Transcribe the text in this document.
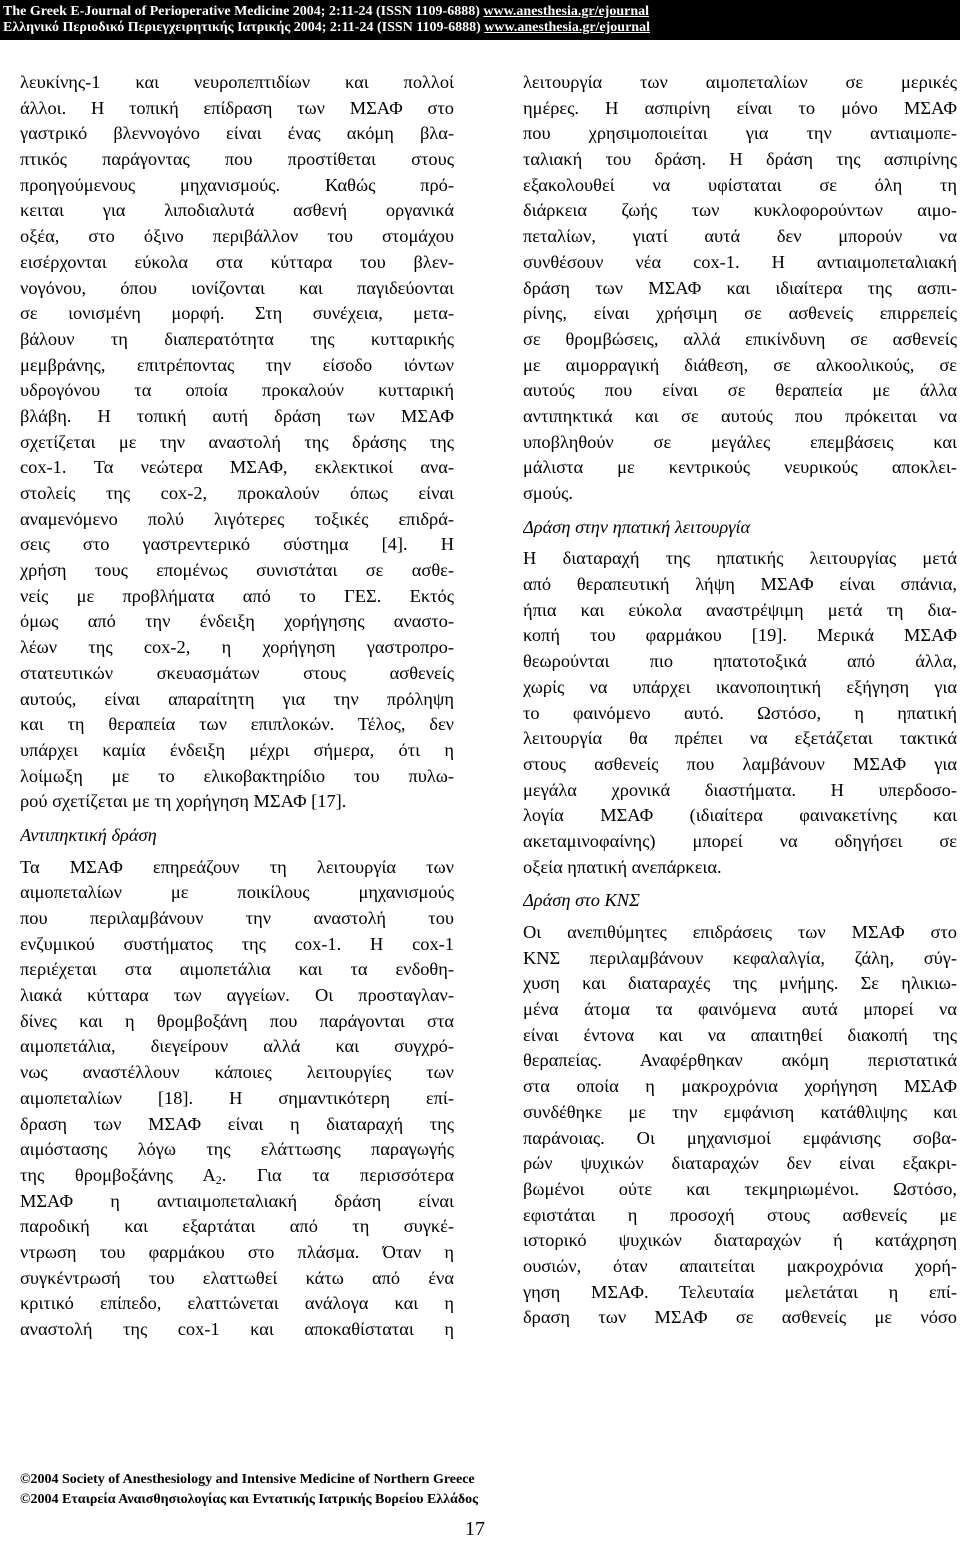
The Greek E-Journal of Perioperative Medicine 2004; 2:11-24 (ISSN 1109-6888) www.anesthesia.gr/ejournal
Ελληνικό Περιοδικό Περιεγχειρητικής Ιατρικής 2004; 2:11-24 (ISSN 1109-6888) www.anesthesia.gr/ejournal
λευκίνης-1 και νευροπεπτιδίων και πολλοί
άλλοι. Η τοπική επίδραση των ΜΣΑΦ στο
γαστρικό βλεννογόνο είναι ένας ακόμη βλα-
πτικός παράγοντας που προστίθεται στους
προηγούμενους μηχανισμούς. Καθώς πρό-
κειται για λιποδιαλυτά ασθενή οργανικά
οξέα, στο όξινο περιβάλλον του στομάχου
εισέρχονται εύκολα στα κύτταρα του βλεν-
νογόνου, όπου ιονίζονται και παγιδεύονται
σε ιονισμένη μορφή. Στη συνέχεια, μετα-
βάλουν τη διαπερατότητα της κυτταρικής
μεμβράνης, επιτρέποντας την είσοδο ιόντων
υδρογόνου τα οποία προκαλούν κυτταρική
βλάβη. Η τοπική αυτή δράση των ΜΣΑΦ
σχετίζεται με την αναστολή της δράσης της
cox-1. Τα νεώτερα ΜΣΑΦ, εκλεκτικοί ανα-
στολείς της cox-2, προκαλούν όπως είναι
αναμενόμενο πολύ λιγότερες τοξικές επιδρά-
σεις στο γαστρεντερικό σύστημα [4]. Η
χρήση τους επομένως συνιστάται σε ασθε-
νείς με προβλήματα από το ΓΕΣ. Εκτός
όμως από την ένδειξη χορήγησης αναστο-
λέων της cox-2, η χορήγηση γαστροπρο-
στατευτικών σκευασμάτων στους ασθενείς
αυτούς, είναι απαραίτητη για την πρόληψη
και τη θεραπεία των επιπλοκών. Τέλος, δεν
υπάρχει καμία ένδειξη μέχρι σήμερα, ότι η
λοίμωξη με το ελικοβακτηρίδιο του πυλω-
ρού σχετίζεται με τη χορήγηση ΜΣΑΦ [17].
Αντιπηκτική δράση
Τα ΜΣΑΦ επηρεάζουν τη λειτουργία των
αιμοπεταλίων με ποικίλους μηχανισμούς
που περιλαμβάνουν την αναστολή του
ενζυμικού συστήματος της cox-1. Η cox-1
περιέχεται στα αιμοπετάλια και τα ενδοθη-
λιακά κύτταρα των αγγείων. Οι προσταγλαν-
δίνες και η θρομβοξάνη που παράγονται στα
αιμοπετάλια, διεγείρουν αλλά και συγχρό-
νως αναστέλλουν κάποιες λειτουργίες των
αιμοπεταλίων [18]. Η σημαντικότερη επί-
δραση των ΜΣΑΦ είναι η διαταραχή της
αιμόστασης λόγω της ελάττωσης παραγωγής
της θρομβοξάνης Α2. Για τα περισσότερα
ΜΣΑΦ η αντιαιμοπεταλιακή δράση είναι
παροδική και εξαρτάται από τη συγκέ-
ντρωση του φαρμάκου στο πλάσμα. Όταν η
συγκέντρωσή του ελαττωθεί κάτω από ένα
κριτικό επίπεδο, ελαττώνεται ανάλογα και η
αναστολή της cox-1 και αποκαθίσταται η
λειτουργία των αιμοπεταλίων σε μερικές
ημέρες. Η ασπιρίνη είναι το μόνο ΜΣΑΦ
που χρησιμοποιείται για την αντιαιμοπε-
ταλιακή του δράση. Η δράση της ασπιρίνης
εξακολουθεί να υφίσταται σε όλη τη
διάρκεια ζωής των κυκλοφορούντων αιμο-
πεταλίων, γιατί αυτά δεν μπορούν να
συνθέσουν νέα cox-1. Η αντιαιμοπεταλιακή
δράση των ΜΣΑΦ και ιδιαίτερα της ασπι-
ρίνης, είναι χρήσιμη σε ασθενείς επιρρεπείς
σε θρομβώσεις, αλλά επικίνδυνη σε ασθενείς
με αιμορραγική διάθεση, σε αλκοολικούς, σε
αυτούς που είναι σε θεραπεία με άλλα
αντιπηκτικά και σε αυτούς που πρόκειται να
υποβληθούν σε μεγάλες επεμβάσεις και
μάλιστα με κεντρικούς νευρικούς αποκλει-
σμούς.
Δράση στην ηπατική λειτουργία
Η διαταραχή της ηπατικής λειτουργίας μετά
από θεραπευτική λήψη ΜΣΑΦ είναι σπάνια,
ήπια και εύκολα αναστρέψιμη μετά τη δια-
κοπή του φαρμάκου [19]. Μερικά ΜΣΑΦ
θεωρούνται πιο ηπατοτοξικά από άλλα,
χωρίς να υπάρχει ικανοποιητική εξήγηση για
το φαινόμενο αυτό. Ωστόσο, η ηπατική
λειτουργία θα πρέπει να εξετάζεται τακτικά
στους ασθενείς που λαμβάνουν ΜΣΑΦ για
μεγάλα χρονικά διαστήματα. Η υπερδοσο-
λογία ΜΣΑΦ (ιδιαίτερα φαινακετίνης και
ακεταμινοφαίνης) μπορεί να οδηγήσει σε
οξεία ηπατική ανεπάρκεια.
Δράση στο ΚΝΣ
Οι ανεπιθύμητες επιδράσεις των ΜΣΑΦ στο
ΚΝΣ περιλαμβάνουν κεφαλαλγία, ζάλη, σύγ-
χυση και διαταραχές της μνήμης. Σε ηλικιω-
μένα άτομα τα φαινόμενα αυτά μπορεί να
είναι έντονα και να απαιτηθεί διακοπή της
θεραπείας. Αναφέρθηκαν ακόμη περιστατικά
στα οποία η μακροχρόνια χορήγηση ΜΣΑΦ
συνδέθηκε με την εμφάνιση κατάθλιψης και
παράνοιας. Οι μηχανισμοί εμφάνισης σοβα-
ρών ψυχικών διαταραχών δεν είναι εξακρι-
βωμένοι ούτε και τεκμηριωμένοι. Ωστόσο,
εφιστάται η προσοχή στους ασθενείς με
ιστορικό ψυχικών διαταραχών ή κατάχρηση
ουσιών, όταν απαιτείται μακροχρόνια χορή-
γηση ΜΣΑΦ. Τελευταία μελετάται η επί-
δραση των ΜΣΑΦ σε ασθενείς με νόσο
©2004 Society of Anesthesiology and Intensive Medicine of Northern Greece
©2004 Εταιρεία Αναισθησιολογίας και Εντατικής Ιατρικής Βορείου Ελλάδος
17
